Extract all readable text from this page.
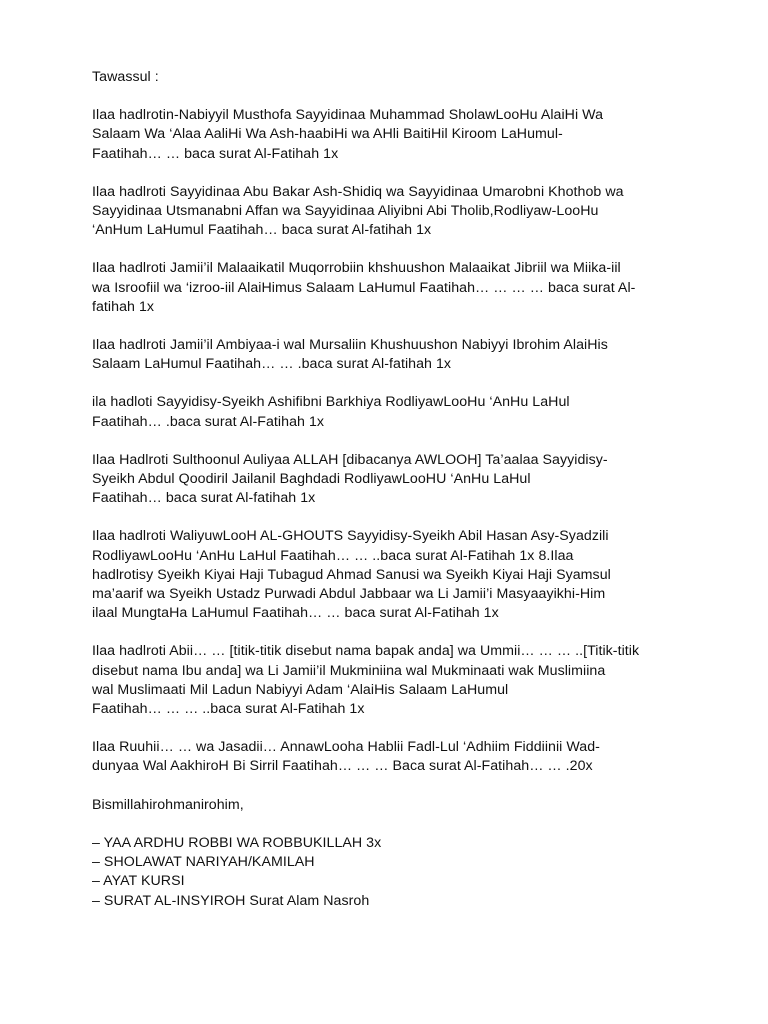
Tawassul :

Ilaa hadlrotin-Nabiyyil Musthofa Sayyidinaa Muhammad SholawLooHu AlaiHi Wa
Salaam Wa ‘Alaa AaliHi Wa Ash-haabiHi wa AHli BaitiHil Kiroom LaHumul-
Faatihah… … baca surat Al-Fatihah 1x

Ilaa hadlroti Sayyidinaa Abu Bakar Ash-Shidiq wa Sayyidinaa Umarobni Khothob wa
Sayyidinaa Utsmanabni Affan wa Sayyidinaa Aliyibni Abi Tholib,Rodliyaw-LooHu
‘AnHum LaHumul Faatihah… baca surat Al-fatihah 1x

Ilaa hadlroti Jamii’il Malaaikatil Muqorrobiin khshuushon Malaaikat Jibriil wa Miika-iil
wa Isroofiil wa ‘izroo-iil AlaiHimus Salaam LaHumul Faatihah… … … … baca surat Al-
fatihah 1x

Ilaa hadlroti Jamii’il Ambiyaa-i wal Mursaliin Khushuushon Nabiyyi Ibrohim AlaiHis
Salaam LaHumul Faatihah… … .baca surat Al-fatihah 1x

ila hadloti Sayyidisy-Syeikh Ashifibni Barkhiya RodliyawLooHu ‘AnHu LaHul
Faatihah… .baca surat Al-Fatihah 1x

Ilaa Hadlroti Sulthoonul Auliyaa ALLAH [dibacanya AWLOOH] Ta’aalaa Sayyidisy-
Syeikh Abdul Qoodiril Jailanil Baghdadi RodliyawLooHU ‘AnHu LaHul
Faatihah… baca surat Al-fatihah 1x

Ilaa hadlroti WaliyuwLooH AL-GHOUTS Sayyidisy-Syeikh Abil Hasan Asy-Syadzili
RodliyawLooHu ‘AnHu LaHul Faatihah… … ..baca surat Al-Fatihah 1x 8.Ilaa
hadlrotisy Syeikh Kiyai Haji Tubagud Ahmad Sanusi wa Syeikh Kiyai Haji Syamsul
ma’aarif wa Syeikh Ustadz Purwadi Abdul Jabbaar wa Li Jamii’i Masyaayikhi-Him
ilaal MungtaHa LaHumul Faatihah… … baca surat Al-Fatihah 1x

Ilaa hadlroti Abii… … [titik-titik disebut nama bapak anda] wa Ummii… … … ..[Titik-titik
disebut nama Ibu anda] wa Li Jamii’il Mukminiina wal Mukminaati wak Muslimiina
wal Muslimaati Mil Ladun Nabiyyi Adam ‘AlaiHis Salaam LaHumul
Faatihah… … … ..baca surat Al-Fatihah 1x

Ilaa Ruuhii… … wa Jasadii… AnnawLooha Hablii Fadl-Lul ‘Adhiim Fiddiinii Wad-
dunyaa Wal AakhiroH Bi Sirril Faatihah… … … Baca surat Al-Fatihah… … .20x

Bismillahirohmanirohim,

– YAA ARDHU ROBBI WA ROBBUKILLAH 3x

– SHOLAWAT NARIYAH/KAMILAH

– AYAT KURSI

– SURAT AL-INSYIROH Surat Alam Nasroh
